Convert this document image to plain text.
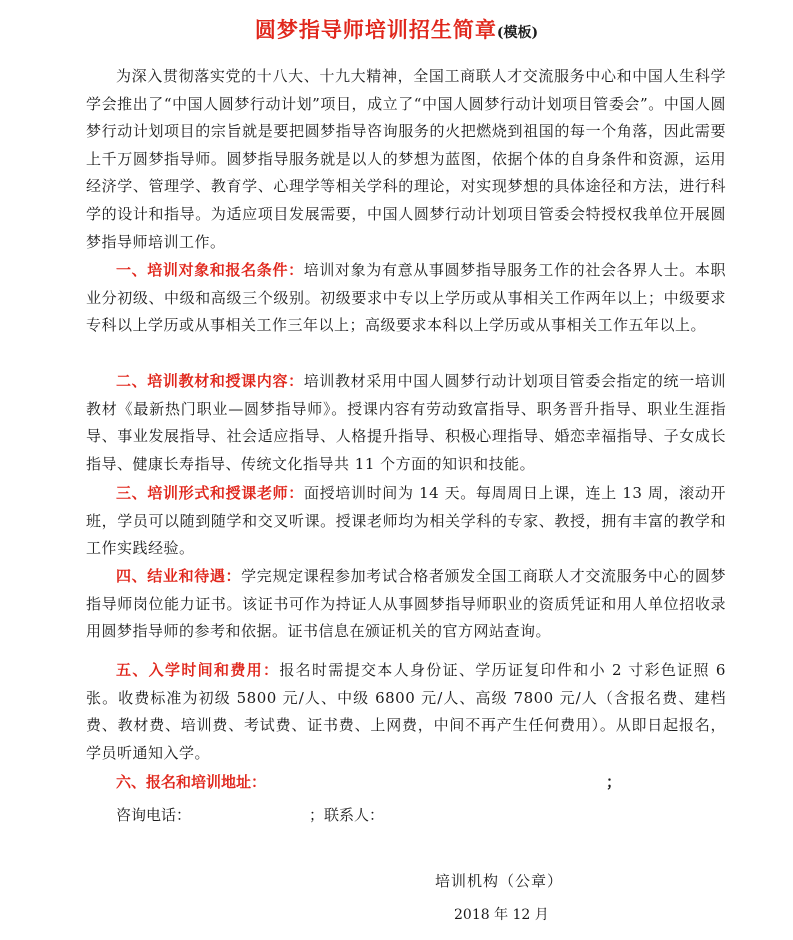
圆梦指导师培训招生简章(模板)

为深入贯彻落实党的十八大、十九大精神，全国工商联人才交流服务中心和中国人生科学学会推出了“中国人圆梦行动计划”项目，成立了“中国人圆梦行动计划项目管委会”。中国人圆梦行动计划项目的宗旨就是要把圆梦指导咨询服务的火把燃烧到祖国的每一个角落，因此需要上千万圆梦指导师。圆梦指导服务就是以人的梦想为蓝图，依据个体的自身条件和资源，运用经济学、管理学、教育学、心理学等相关学科的理论，对实现梦想的具体途径和方法，进行科学的设计和指导。为适应项目发展需要，中国人圆梦行动计划项目管委会特授权我单位开展圆梦指导师培训工作。

一、培训对象和报名条件：培训对象为有意从事圆梦指导服务工作的社会各界人士。本职业分初级、中级和高级三个级别。初级要求中专以上学历或从事相关工作两年以上；中级要求专科以上学历或从事相关工作三年以上；高级要求本科以上学历或从事相关工作五年以上。

二、培训教材和授课内容：培训教材采用中国人圆梦行动计划项目管委会指定的统一培训教材《最新热门职业—圆梦指导师》。授课内容有劳动致富指导、职务晋升指导、职业生涯指导、事业发展指导、社会适应指导、人格提升指导、积极心理指导、婚恋幸福指导、子女成长指导、健康长寿指导、传统文化指导共 11 个方面的知识和技能。

三、培训形式和授课老师：面授培训时间为 14 天。每周周日上课，连上 13 周，滚动开班，学员可以随到随学和交叉听课。授课老师均为相关学科的专家、教授，拥有丰富的教学和工作实践经验。

四、结业和待遇：学完规定课程参加考试合格者颁发全国工商联人才交流服务中心的圆梦指导师岗位能力证书。该证书可作为持证人从事圆梦指导师职业的资质凭证和用人单位招收录用圆梦指导师的参考和依据。证书信息在颁证机关的官方网站查询。

五、入学时间和费用：报名时需提交本人身份证、学历证复印件和小 2 寸彩色证照 6 张。收费标准为初级 5800 元/人、中级 6800 元/人、高级 7800 元/人（含报名费、建档费、教材费、培训费、考试费、证书费、上网费，中间不再产生任何费用）。从即日起报名，学员听通知入学。

六、报名和培训地址：	；
咨询电话：	；联系人：
培训机构（公章）
2018 年 12 月
